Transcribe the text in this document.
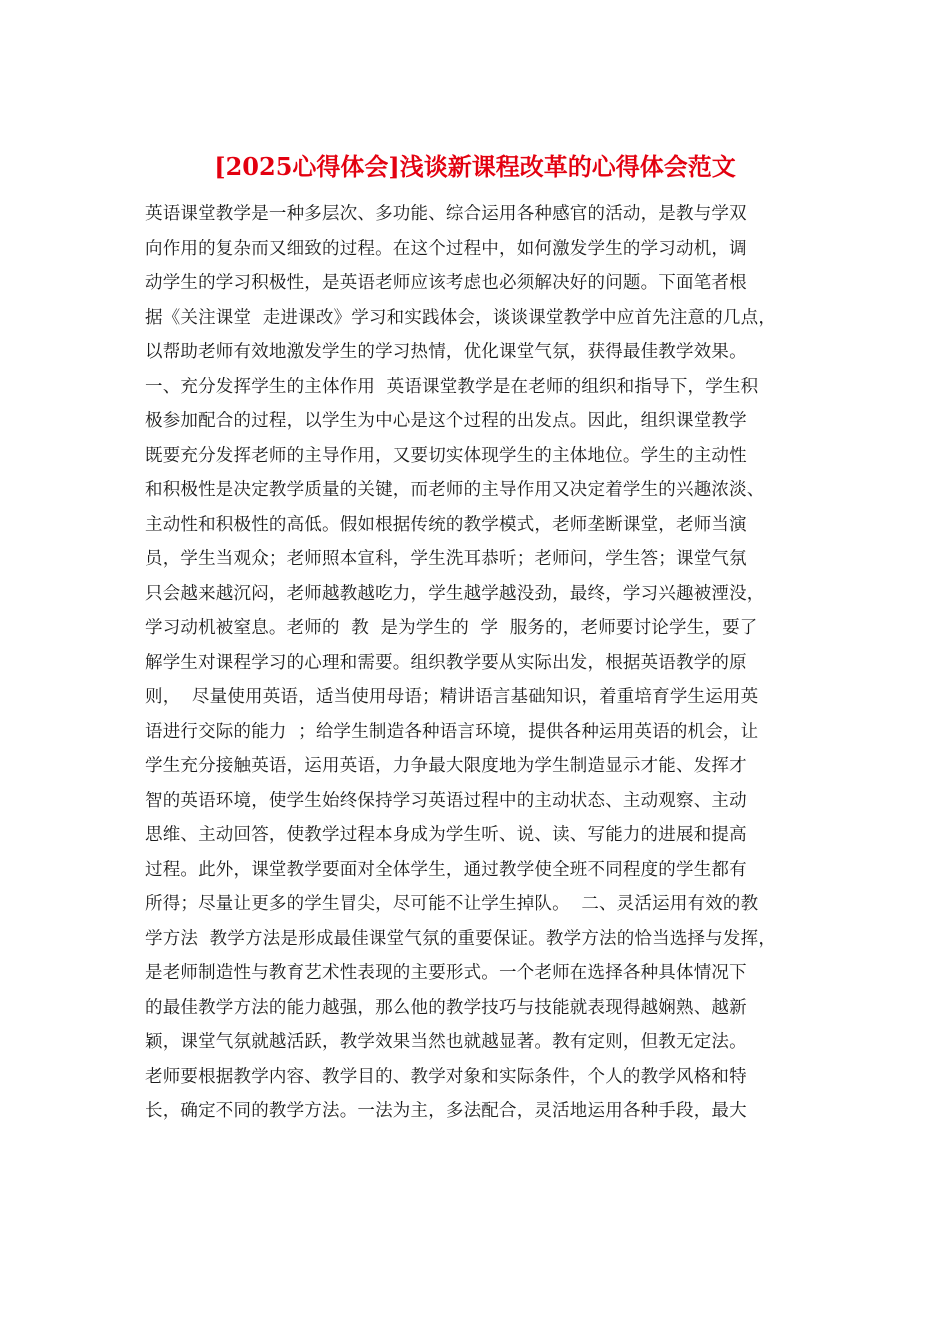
[2025心得体会]浅谈新课程改革的心得体会范文
英语课堂教学是一种多层次、多功能、综合运用各种感官的活动，是教与学双
向作用的复杂而又细致的过程。在这个过程中，如何激发学生的学习动机，调
动学生的学习积极性，是英语老师应该考虑也必须解决好的问题。下面笔者根
据《关注课堂  走进课改》学习和实践体会，谈谈课堂教学中应首先注意的几点，
以帮助老师有效地激发学生的学习热情，优化课堂气氛，获得最佳教学效果。
一、充分发挥学生的主体作用  英语课堂教学是在老师的组织和指导下，学生积
极参加配合的过程，以学生为中心是这个过程的出发点。因此，组织课堂教学
既要充分发挥老师的主导作用，又要切实体现学生的主体地位。学生的主动性
和积极性是决定教学质量的关键，而老师的主导作用又决定着学生的兴趣浓淡、
主动性和积极性的高低。假如根据传统的教学模式，老师垄断课堂，老师当演
员，学生当观众；老师照本宣科，学生洗耳恭听；老师问，学生答；课堂气氛
只会越来越沉闷，老师越教越吃力，学生越学越没劲，最终，学习兴趣被湮没，
学习动机被窒息。老师的  教  是为学生的  学  服务的，老师要讨论学生，要了
解学生对课程学习的心理和需要。组织教学要从实际出发，根据英语教学的原
则，  尽量使用英语，适当使用母语；精讲语言基础知识，着重培育学生运用英
语进行交际的能力  ；给学生制造各种语言环境，提供各种运用英语的机会，让
学生充分接触英语，运用英语，力争最大限度地为学生制造显示才能、发挥才
智的英语环境，使学生始终保持学习英语过程中的主动状态、主动观察、主动
思维、主动回答，使教学过程本身成为学生听、说、读、写能力的进展和提高
过程。此外，课堂教学要面对全体学生，通过教学使全班不同程度的学生都有
所得；尽量让更多的学生冒尖，尽可能不让学生掉队。  二、灵活运用有效的教
学方法  教学方法是形成最佳课堂气氛的重要保证。教学方法的恰当选择与发挥，
是老师制造性与教育艺术性表现的主要形式。一个老师在选择各种具体情况下
的最佳教学方法的能力越强，那么他的教学技巧与技能就表现得越娴熟、越新
颖，课堂气氛就越活跃，教学效果当然也就越显著。教有定则，但教无定法。
老师要根据教学内容、教学目的、教学对象和实际条件，个人的教学风格和特
长，确定不同的教学方法。一法为主，多法配合，灵活地运用各种手段，最大
